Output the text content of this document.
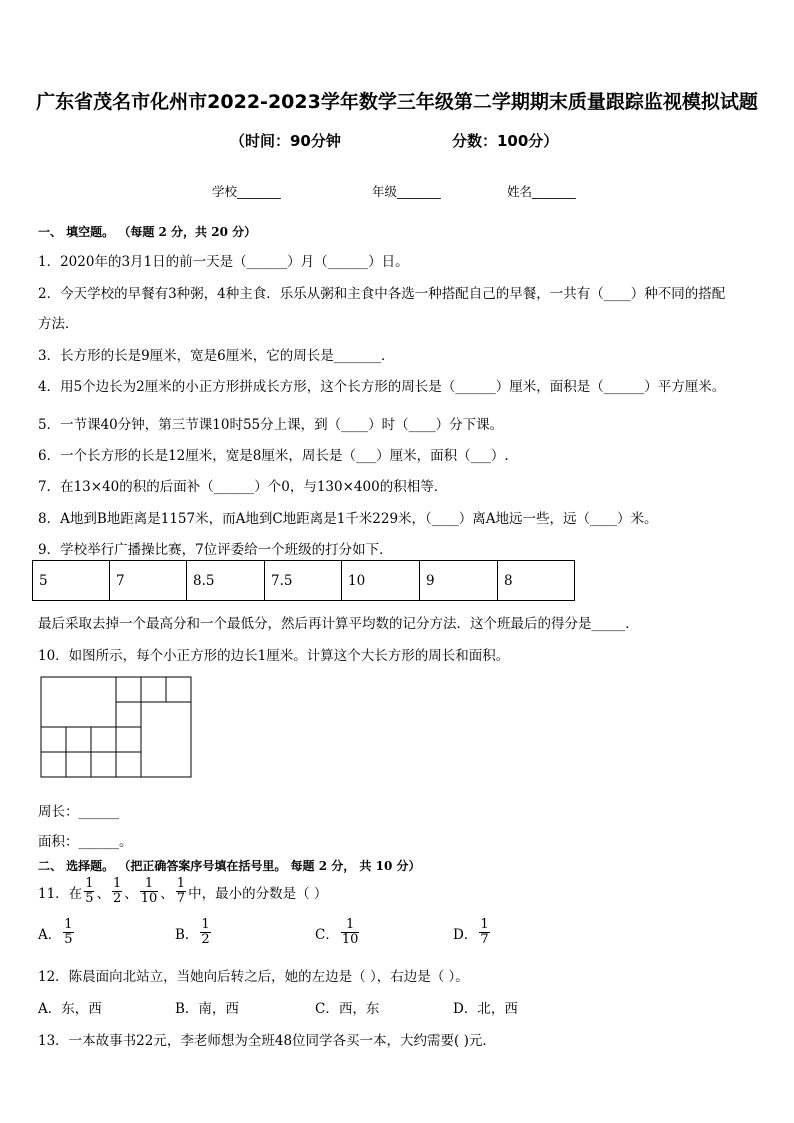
广东省茂名市化州市2022-2023学年数学三年级第二学期期末质量跟踪监视模拟试题
（时间：90分钟	分数：100分）
学校_______	年级_______	姓名_______
一、 填空题。 （每题 2 分，共 20 分）
1．2020年的3月1日的前一天是（______）月（______）日。
2．今天学校的早餐有3种粥，4种主食．乐乐从粥和主食中各选一种搭配自己的早餐，一共有（____）种不同的搭配
方法．
3．长方形的长是9厘米，宽是6厘米，它的周长是_______．
4．用5个边长为2厘米的小正方形拼成长方形，这个长方形的周长是（______）厘米，面积是（______）平方厘米。
5．一节课40分钟，第三节课10时55分上课，到（____）时（____）分下课。
6．一个长方形的长是12厘米，宽是8厘米，周长是（___）厘米，面积（___）.
7．在13×40的积的后面补（______）个0，与130×400的积相等．
8．A地到B地距离是1157米，而A地到C地距离是1千米229米，（____）离A地远一些，远（____）米。
9．学校举行广播操比赛，7位评委给一个班级的打分如下．
5	7	8.5	7.5	10	9	8
最后采取去掉一个最高分和一个最低分，然后再计算平均数的记分方法．这个班最后的得分是_____．
10．如图所示，每个小正方形的边长1厘米。计算这个大长方形的周长和面积。
周长：______
面积：______。
二、 选择题。 （把正确答案序号填在括号里。 每题 2 分， 共 10 分）
11．在 $\frac{1}{5}$ 、 $\frac{1}{2}$ 、 $\frac{1}{10}$ 、 $\frac{1}{7}$ 中，最小的分数是（ ）
A． $\frac{1}{5}$	B． $\frac{1}{2}$	C． $\frac{1}{10}$	D． $\frac{1}{7}$
12．陈晨面向北站立，当她向后转之后，她的左边是（ ），右边是（ ）。
A．东，西	B．南，西	C．西，东	D．北，西
13．一本故事书22元，李老师想为全班48位同学各买一本，大约需要( )元．
